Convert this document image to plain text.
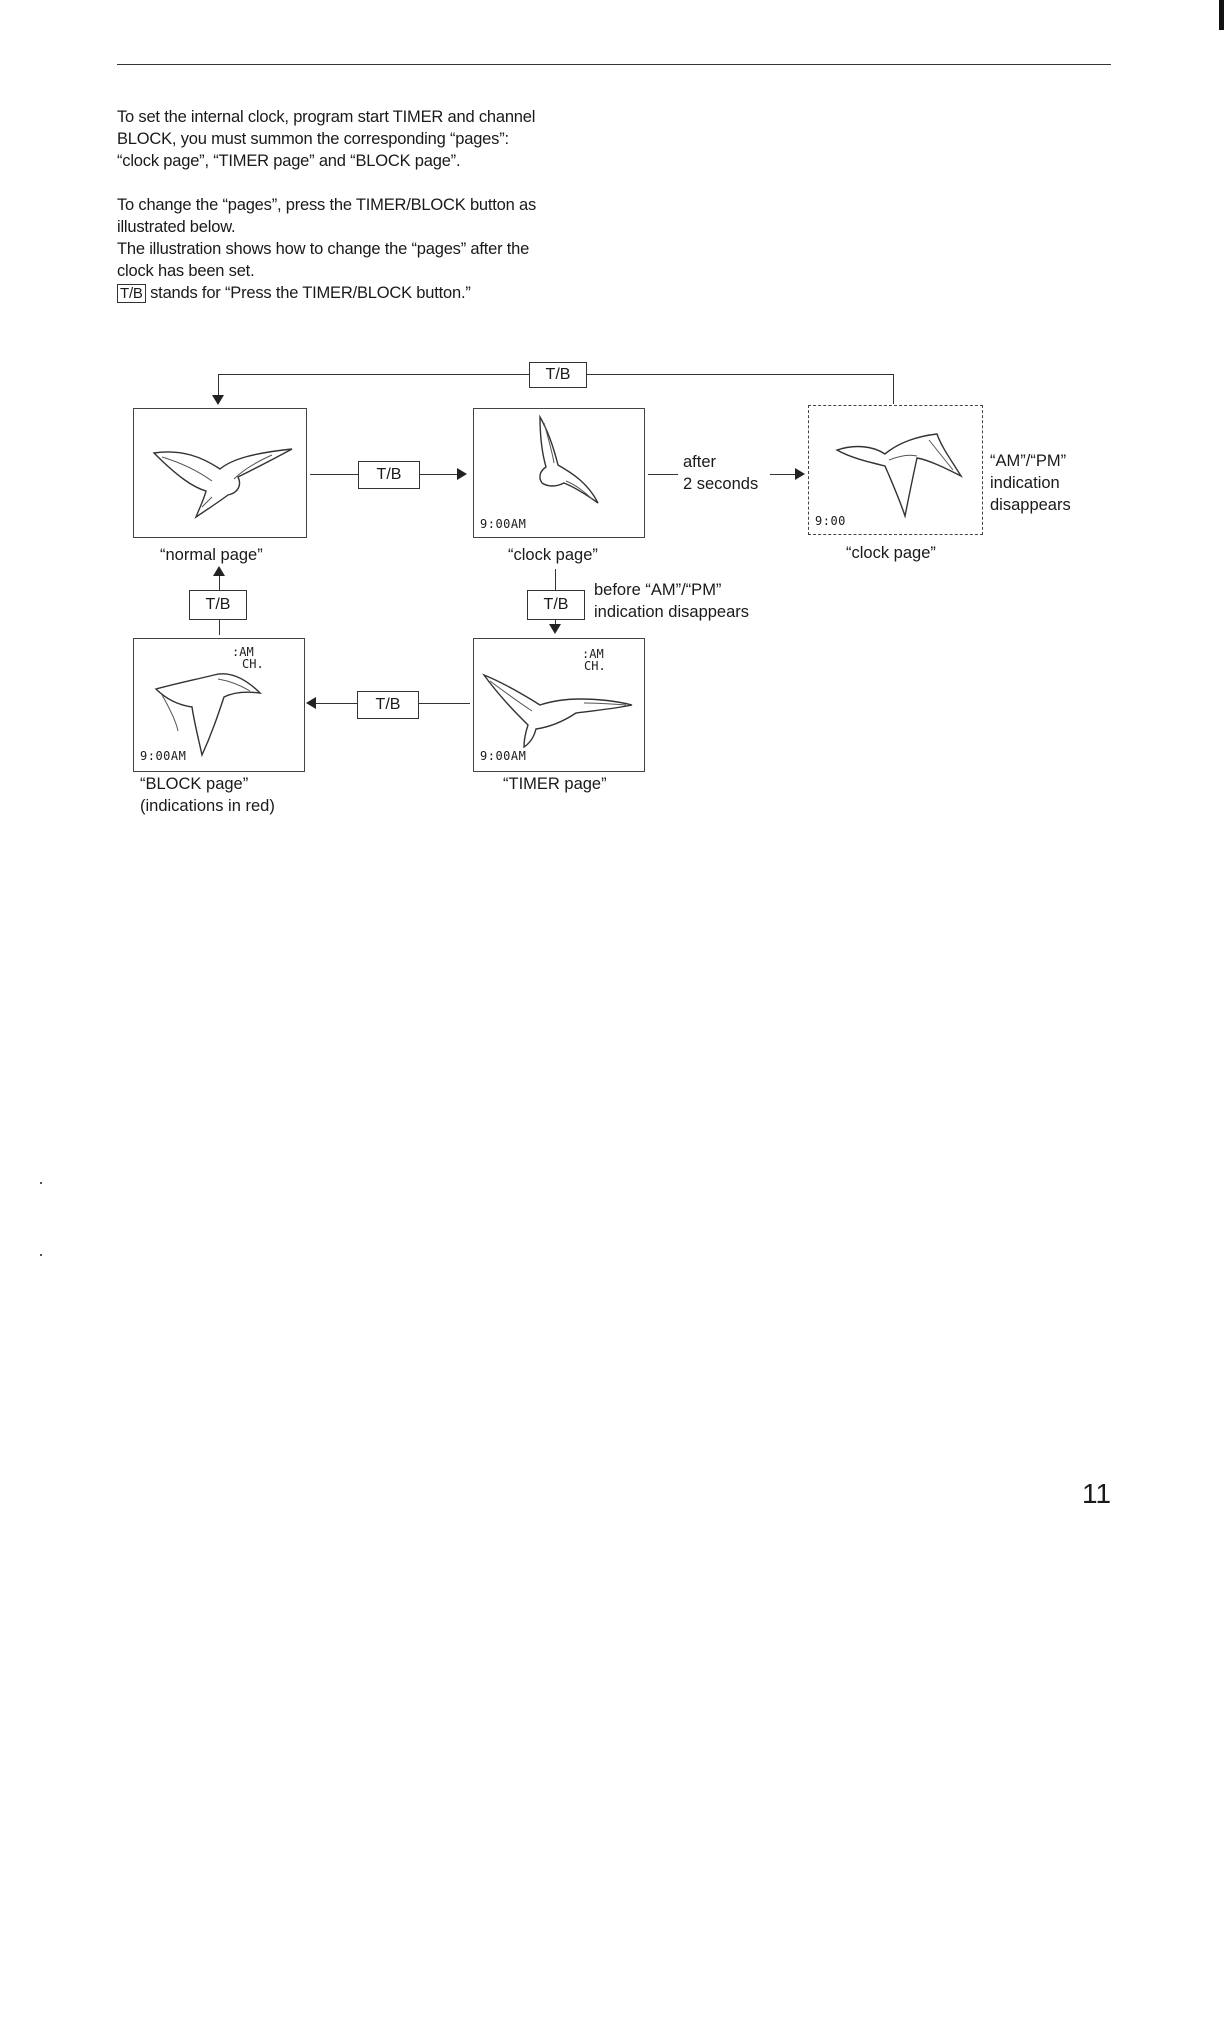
To set the internal clock, program start TIMER and channel
BLOCK, you must summon the corresponding “pages”:
“clock page”, “TIMER page” and “BLOCK page”.

To change the “pages”, press the TIMER/BLOCK button as
illustrated below.
The illustration shows how to change the “pages” after the
clock has been set.
T/B stands for “Press the TIMER/BLOCK button.”

T/B
“normal page”
T/B
9:00AM
“clock page”
after
2 seconds
9:00
“clock page”
“AM”/“PM”
indication
disappears
T/B	T/B
before “AM”/“PM”
indication disappears
:AM
CH.
9:00AM
“BLOCK page”
(indications in red)
T/B
:AM
CH.
9:00AM
“TIMER page”
11
